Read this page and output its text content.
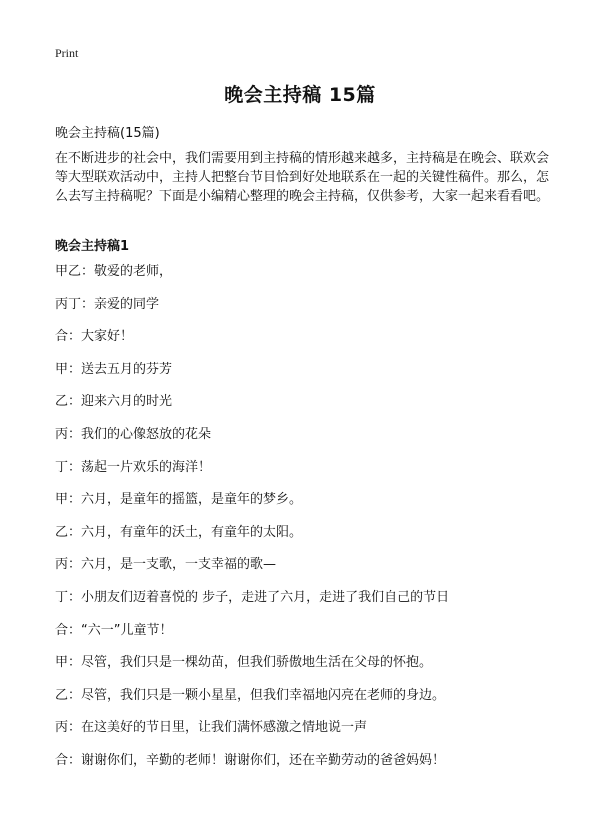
Print
晚会主持稿 15篇
晚会主持稿(15篇)

在不断进步的社会中，我们需要用到主持稿的情形越来越多，主持稿是在晚会、联欢会等大型联欢活动中，主持人把整台节目恰到好处地联系在一起的关键性稿件。那么，怎么去写主持稿呢？下面是小编精心整理的晚会主持稿，仅供参考，大家一起来看看吧。

晚会主持稿1
甲乙：敬爱的老师，
丙丁：亲爱的同学
合：大家好！
甲：送去五月的芬芳
乙：迎来六月的时光
丙：我们的心像怒放的花朵
丁：荡起一片欢乐的海洋！
甲：六月，是童年的摇篮，是童年的梦乡。
乙：六月，有童年的沃土，有童年的太阳。
丙：六月，是一支歌，一支幸福的歌—
丁：小朋友们迈着喜悦的 步子，走进了六月，走进了我们自己的节日
合：“六一”儿童节！
甲：尽管，我们只是一棵幼苗，但我们骄傲地生活在父母的怀抱。
乙：尽管，我们只是一颗小星星，但我们幸福地闪亮在老师的身边。
丙：在这美好的节日里，让我们满怀感激之情地说一声
合：谢谢你们，辛勤的老师！谢谢你们，还在辛勤劳动的爸爸妈妈！
